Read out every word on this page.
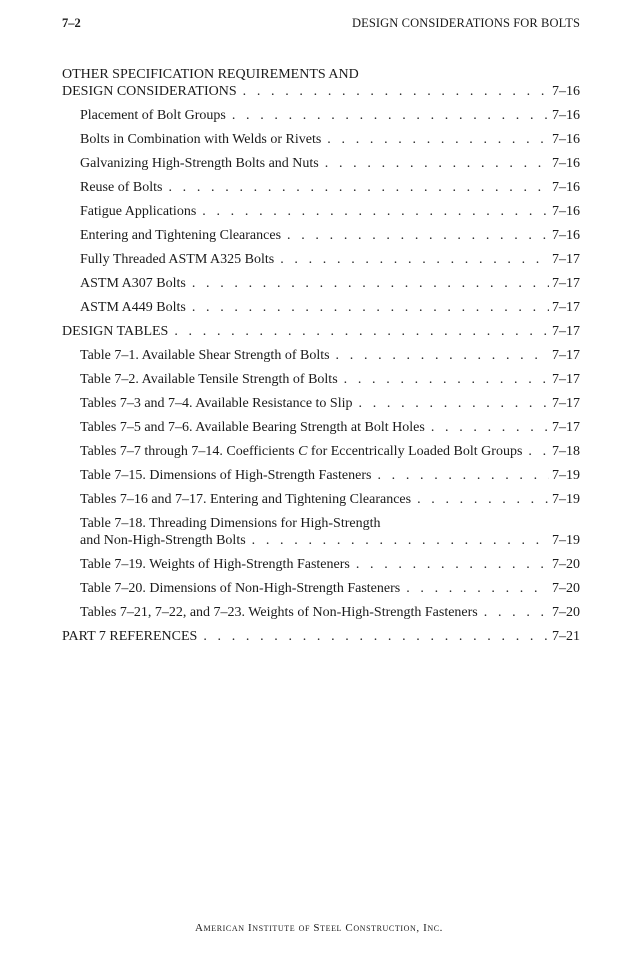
7–2	DESIGN CONSIDERATIONS FOR BOLTS
OTHER SPECIFICATION REQUIREMENTS AND
DESIGN CONSIDERATIONS . . .	7–16
Placement of Bolt Groups . . .	7–16
Bolts in Combination with Welds or Rivets . . .	7–16
Galvanizing High-Strength Bolts and Nuts . . .	7–16
Reuse of Bolts . . .	7–16
Fatigue Applications . . .	7–16
Entering and Tightening Clearances . . .	7–16
Fully Threaded ASTM A325 Bolts . . .	7–17
ASTM A307 Bolts . . .	7–17
ASTM A449 Bolts . . .	7–17
DESIGN TABLES . . .	7–17
Table 7–1. Available Shear Strength of Bolts . . .	7–17
Table 7–2. Available Tensile Strength of Bolts . . .	7–17
Tables 7–3 and 7–4. Available Resistance to Slip . . .	7–17
Tables 7–5 and 7–6. Available Bearing Strength at Bolt Holes . . .	7–17
Tables 7–7 through 7–14. Coefficients C for Eccentrically Loaded Bolt Groups . . . 7–18
Table 7–15. Dimensions of High-Strength Fasteners . . .	7–19
Tables 7–16 and 7–17. Entering and Tightening Clearances . . .	7–19
Table 7–18. Threading Dimensions for High-Strength
and Non-High-Strength Bolts . . .	7–19
Table 7–19. Weights of High-Strength Fasteners . . .	7–20
Table 7–20. Dimensions of Non-High-Strength Fasteners . . .	7–20
Tables 7–21, 7–22, and 7–23. Weights of Non-High-Strength Fasteners . . .	7–20
PART 7 REFERENCES . . .	7–21
American Institute of Steel Construction, Inc.
